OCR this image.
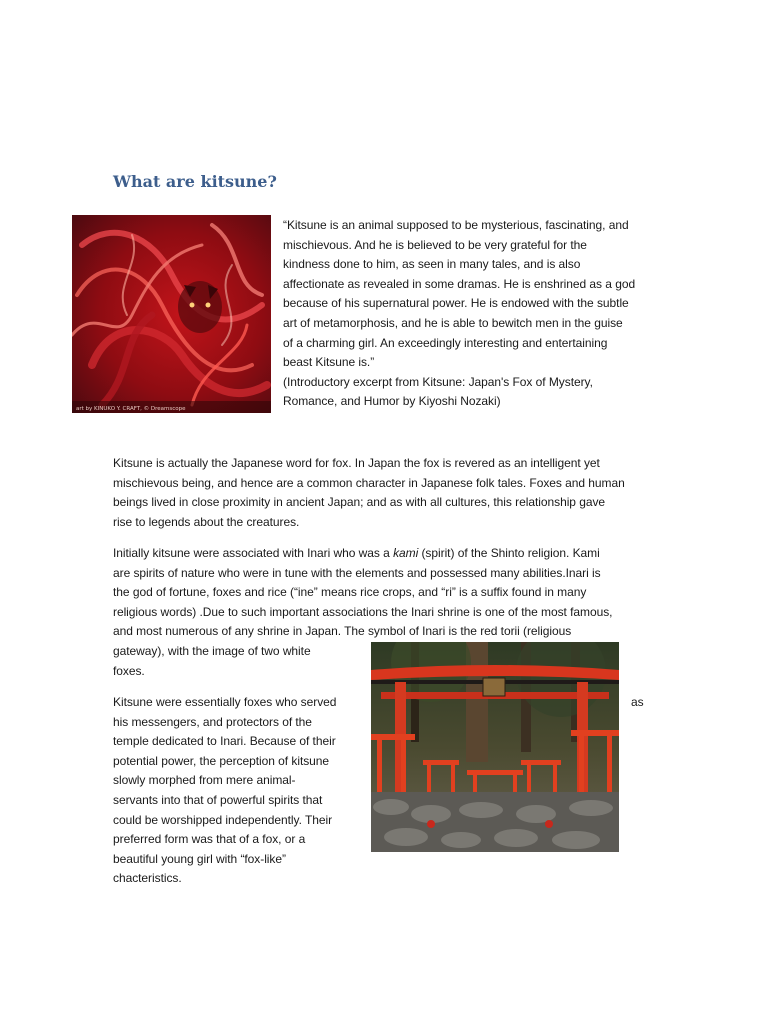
What are kitsune?
art by KINUKO Y. CRAFT, © Dreamscope

“Kitsune is an animal supposed to be mysterious, fascinating, and
mischievous. And he is believed to be very grateful for the
kindness done to him, as seen in many tales, and is also
affectionate as revealed in some dramas. He is enshrined as a god
because of his supernatural power. He is endowed with the subtle
art of metamorphosis, and he is able to bewitch men in the guise
of a charming girl. An exceedingly interesting and entertaining
beast Kitsune is.”
(Introductory excerpt from Kitsune: Japan's Fox of Mystery,
Romance, and Humor by Kiyoshi Nozaki)

Kitsune is actually the Japanese word for fox. In Japan the fox is revered as an intelligent yet
mischievous being, and hence are a common character in Japanese folk tales. Foxes and human
beings lived in close proximity in ancient Japan; and as with all cultures, this relationship gave
rise to legends about the creatures.

Initially kitsune were associated with Inari who was a kami (spirit) of the Shinto religion. Kami
are spirits of nature who were in tune with the elements and possessed many abilities.Inari is
the god of fortune, foxes and rice (“ine” means rice crops, and “ri” is a suffix found in many
religious words) .Due to such important associations the Inari shrine is one of the most famous,
and most numerous of any shrine in Japan. The symbol of Inari is the red torii (religious
gateway), with the image of two white
foxes.

Kitsune were essentially foxes who served
his messengers, and protectors of the
temple dedicated to Inari. Because of their
potential power, the perception of kitsune
slowly morphed from mere animal-
servants into that of powerful spirits that
could be worshipped independently. Their
preferred form was that of a fox, or a
beautiful young girl with “fox-like”
chacteristics.

as
